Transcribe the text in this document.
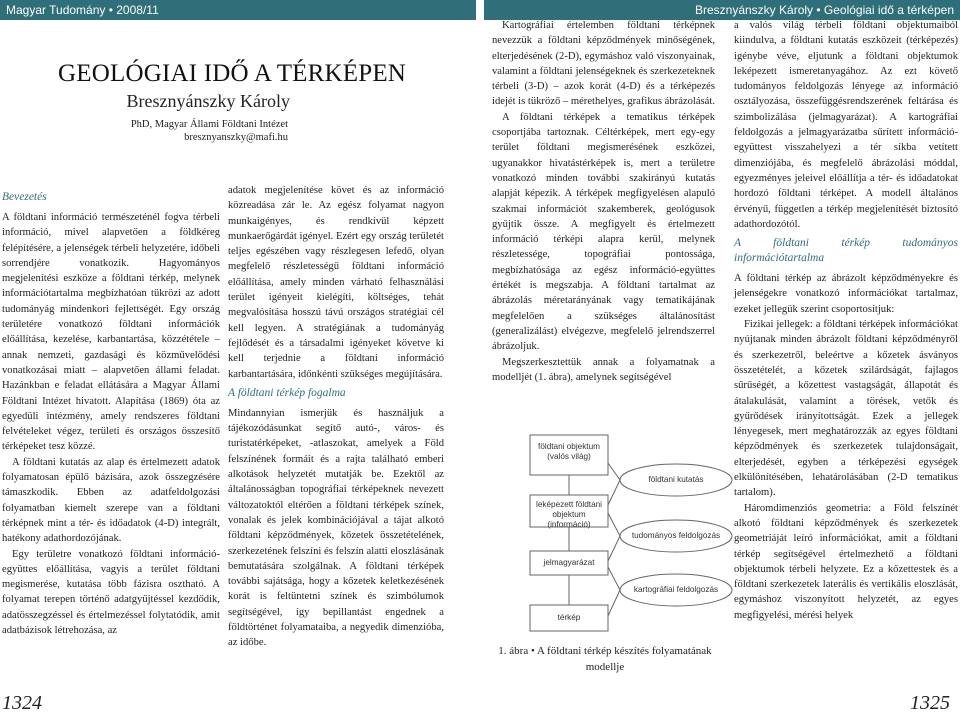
Magyar Tudomány • 2008/11	Bresznyánszky Károly • Geológiai idő a térképen
GEOLÓGIAI IDŐ A TÉRKÉPEN
Bresznyánszky Károly
PhD, Magyar Állami Földtani Intézet
bresznyanszky@mafi.hu
Bevezetés

A földtani információ természeténél fogva térbeli információ, mivel alapvetően a földkéreg felépítésére, a jelenségek térbeli helyzetére, időbeli sorrendjére vonatkozik. Hagyományos megjelenítési eszköze a földtani térkép, melynek információtartalma megbízhatóan tükrözi az adott tudományág mindenkori fejlettségét. Egy ország területére vonatkozó földtani információk előállítása, kezelése, karbantartása, közzététele – annak nemzeti, gazdasági és közművelődési vonatkozásai miatt – alapvetően állami feladat. Hazánkban e feladat ellátására a Magyar Állami Földtani Intézet hivatott. Alapítása (1869) óta az egyedüli intézmény, amely rendszeres földtani felvételeket végez, területi és országos összesítő térképeket tesz közzé.

A földtani kutatás az alap és értelmezett adatok folyamatosan épülő bázisára, azok összegzésére támaszkodik. Ebben az adatfeldolgozási folyamatban kiemelt szerepe van a földtani térképnek mint a tér- és időadatok (4-D) integrált, hatékony adathordozójának.

Egy területre vonatkozó földtani információ-együttes előállítása, vagyis a terület földtani megismerése, kutatása több fázisra osztható. A folyamat terepen történő adatgyűjtéssel kezdődik, adatösszegzéssel és értelmezéssel folytatódik, amit adatbázisok létrehozása, az

adatok megjelenítése követ és az információ közreadása zár le. Az egész folyamat nagyon munkaigényes, és rendkívül képzett munkaerőgárdát igényel. Ezért egy ország területét teljes egészében vagy részlegesen lefedő, olyan megfelelő részletességű földtani információ előállítása, amely minden várható felhasználási terület igényeit kielégíti, költséges, tehát megvalósítása hosszú távú országos stratégiai cél kell legyen. A stratégiának a tudományág fejlődését és a társadalmi igényeket követve ki kell terjednie a földtani információ karbantartására, időnkénti szükséges megújítására.

A földtani térkép fogalma

Mindannyian ismerjük és használjuk a tájékozódásunkat segítő autó-, város- és turistatérképeket, -atlaszokat, amelyek a Föld felszínének formáit és a rajta található emberi alkotások helyzetét mutatják be. Ezektől az általánosságban topográfiai térképeknek nevezett változatoktól eltérően a földtani térképek színek, vonalak és jelek kombinációjával a tájat alkotó földtani képződmények, kőzetek összetételének, szerkezetének felszíni és felszín alatti eloszlásának bemutatására szolgálnak. A földtani térképek további sajátsága, hogy a kőzetek keletkezésének korát is feltüntetni színek és szimbólumok segítségével, így bepillantást engednek a földtörténet folyamataiba, a negyedik dimenzióba, az időbe.

Kartográfiai értelemben földtani térképnek nevezzük a földtani képződmények minőségének, elterjedésének (2-D), egymáshoz való viszonyainak, valamint a földtani jelenségeknek és szerkezeteknek térbeli (3-D) – azok korát (4-D) és a térképezés idejét is tükröző – mérethelyes, grafikus ábrázolását.

A földtani térképek a tematikus térképek csoportjába tartoznak. Céltérképek, mert egy-egy terület földtani megismerésének eszközei, ugyanakkor hivatástérképek is, mert a területre vonatkozó minden további szakirányú kutatás alapját képezik. A térképek megfigyelésen alapuló szakmai információt szakemberek, geológusok gyűjtik össze. A megfigyelt és értelmezett információ térképi alapra kerül, melynek részletessége, topográfiai pontossága, megbízhatósága az egész információ-együttes értékét is megszabja. A földtani tartalmat az ábrázolás méretarányának vagy tematikájának megfelelően a szükséges általánosítást (generalizálást) elvégezve, megfelelő jelrendszerrel ábrázoljuk.

Megszerkesztettük annak a folyamatnak a modelljét (1. ábra), amelynek segítségével

földtani objektum
(valós világ)
leképezett földtani
objektum (információ)
jelmagyarázat
térkép
földtani kutatás
tudományos feldolgozás
kartográfiai feldolgozás
1. ábra • A földtani térkép készítés folyamatának modellje

a valós világ térbeli földtani objektumaiból kiindulva, a földtani kutatás eszközeit (térképezés) igénybe véve, eljutunk a földtani objektumok leképezett ismeretanyagához. Az ezt követő tudományos feldolgozás lényege az információ osztályozása, összefüggésrendszerének feltárása és szimbolizálása (jelmagyarázat). A kartográfiai feldolgozás a jelmagyarázatba sűrített információ-együttest visszahelyezi a tér síkba vetített dimenziójába, és megfelelő ábrázolási móddal, egyezményes jeleivel előállítja a tér- és időadatokat hordozó földtani térképet. A modell általános érvényű, független a térkép megjelenítését biztosító adathordozótól.

A földtani térkép tudományos információtartalma

A földtani térkép az ábrázolt képződményekre és jelenségekre vonatkozó információkat tartalmaz, ezeket jellegük szerint csoportosítjuk:

Fizikai jellegek: a földtani térképek információkat nyújtanak minden ábrázolt földtani képződményről és szerkezetről, beleértve a kőzetek ásványos összetételét, a kőzetek szilárdságát, fajlagos sűrűségét, a kőzettest vastagságát, állapotát és átalakulását, valamint a törések, vetők és gyűrődések irányítottságát. Ezek a jellegek lényegesek, mert meghatározzák az egyes földtani képződmények és szerkezetek tulajdonságait, elterjedését, egyben a térképezési egységek elkülönítésében, lehatárolásában (2-D tematikus tartalom).

Háromdimenziós geometria: a Föld felszínét alkotó földtani képződmények és szerkezetek geometriáját leíró információkat, amit a földtani térkép segítségével értelmezhető a földtani objektumok térbeli helyzete. Ez a kőzettestek és a földtani szerkezetek laterális és vertikális eloszlását, egymáshoz viszonyított helyzetét, az egyes megfigyelési, mérési helyek

1324	1325
